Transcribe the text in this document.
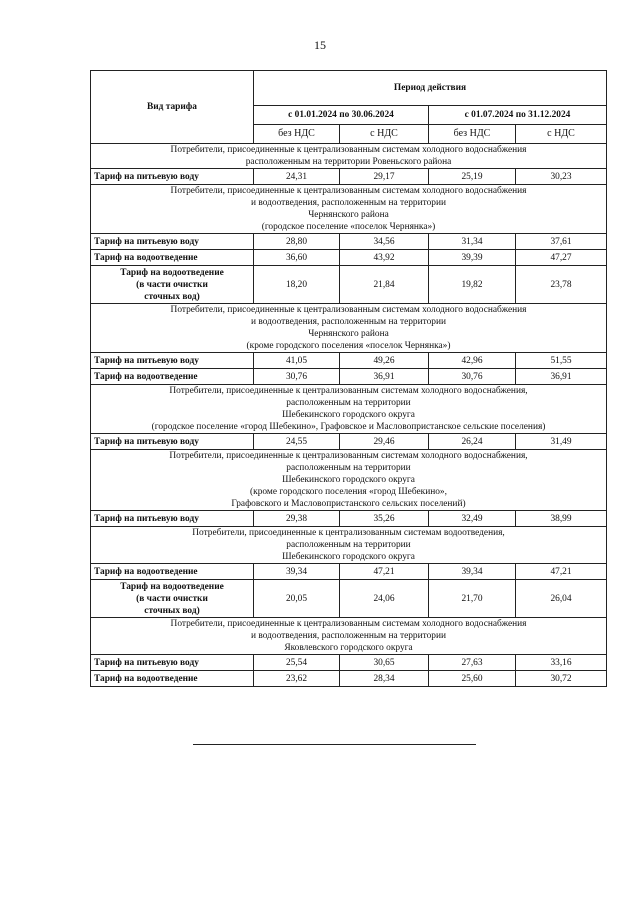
15
Вид тарифа	Период действия			
	с 01.01.2024 по 30.06.2024		с 01.07.2024 по 31.12.2024	
	без НДС	с НДС	без НДС	с НДС

Потребители, присоединенные к централизованным системам холодного водоснабжения
расположенным на территории Ровеньского района				

Тариф на питьевую воду	24,31	29,17	25,19	30,23

Потребители, присоединенные к централизованным системам холодного водоснабжения
и водоотведения, расположенным на территории
Чернянского района
(городское поселение «поселок Чернянка»)				

Тариф на питьевую воду	28,80	34,56	31,34	37,61
Тариф на водоотведение	36,60	43,92	39,39	47,27
Тариф на водоотведение
(в части очистки
сточных вод)	18,20	21,84	19,82	23,78

Потребители, присоединенные к централизованным системам холодного водоснабжения
и водоотведения, расположенным на территории
Чернянского района
(кроме городского поселения «поселок Чернянка»)				

Тариф на питьевую воду	41,05	49,26	42,96	51,55
Тариф на водоотведение	30,76	36,91	30,76	36,91

Потребители, присоединенные к централизованным системам холодного водоснабжения,
расположенным на территории
Шебекинского городского округа
(городское поселение «город Шебекино», Графовское и Масловопристанское сельские поселения)				

Тариф на питьевую воду	24,55	29,46	26,24	31,49

Потребители, присоединенные к централизованным системам холодного водоснабжения,
расположенным на территории
Шебекинского городского округа
(кроме городского поселения «город Шебекино»,
Графовского и Масловопристанского сельских поселений)				

Тариф на питьевую воду	29,38	35,26	32,49	38,99

Потребители, присоединенные к централизованным системам водоотведения,
расположенным на территории
Шебекинского городского округа				

Тариф на водоотведение	39,34	47,21	39,34	47,21
Тариф на водоотведение
(в части очистки
сточных вод)	20,05	24,06	21,70	26,04

Потребители, присоединенные к централизованным системам холодного водоснабжения
и водоотведения, расположенным на территории
Яковлевского городского округа				

Тариф на питьевую воду	25,54	30,65	27,63	33,16
Тариф на водоотведение	23,62	28,34	25,60	30,72
